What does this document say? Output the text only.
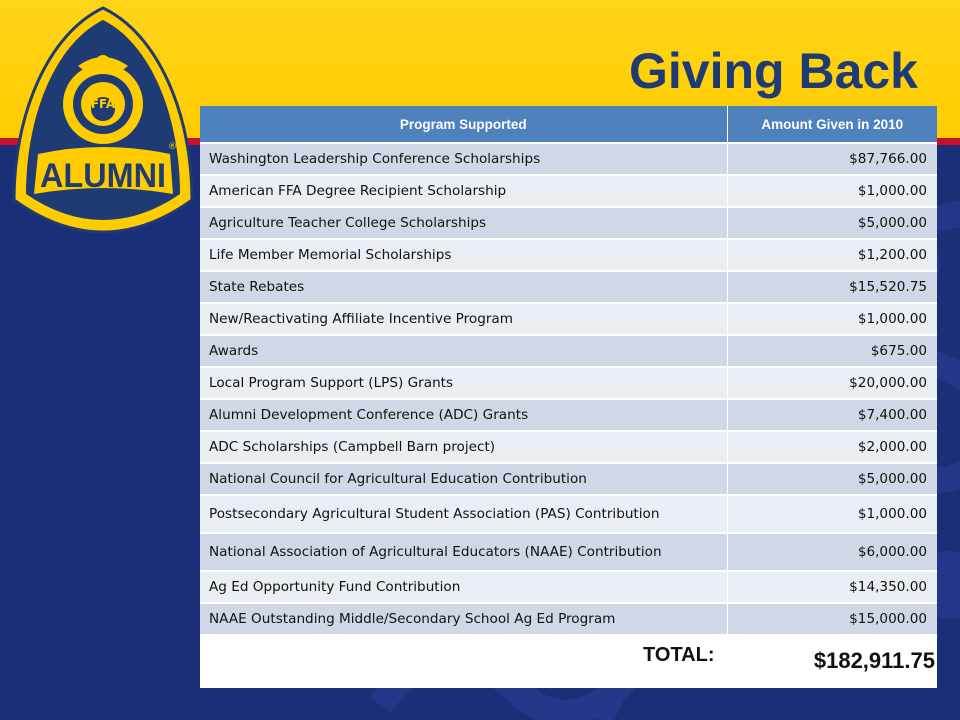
FFA
®
ALUMNI
Giving Back
Program Supported	Amount Given in 2010
Washington Leadership Conference Scholarships	$87,766.00
American FFA Degree Recipient Scholarship	$1,000.00
Agriculture Teacher College Scholarships	$5,000.00
Life Member Memorial Scholarships	$1,200.00
State Rebates	$15,520.75
New/Reactivating Affiliate Incentive Program	$1,000.00
Awards	$675.00
Local Program Support (LPS) Grants	$20,000.00
Alumni Development Conference (ADC) Grants	$7,400.00
ADC Scholarships (Campbell Barn project)	$2,000.00
National Council for Agricultural Education Contribution	$5,000.00
Postsecondary Agricultural Student Association (PAS) Contribution	$1,000.00
National Association of Agricultural Educators (NAAE) Contribution	$6,000.00
Ag Ed Opportunity Fund Contribution	$14,350.00
NAAE Outstanding Middle/Secondary School Ag Ed Program	$15,000.00
TOTAL:	$182,911.75
